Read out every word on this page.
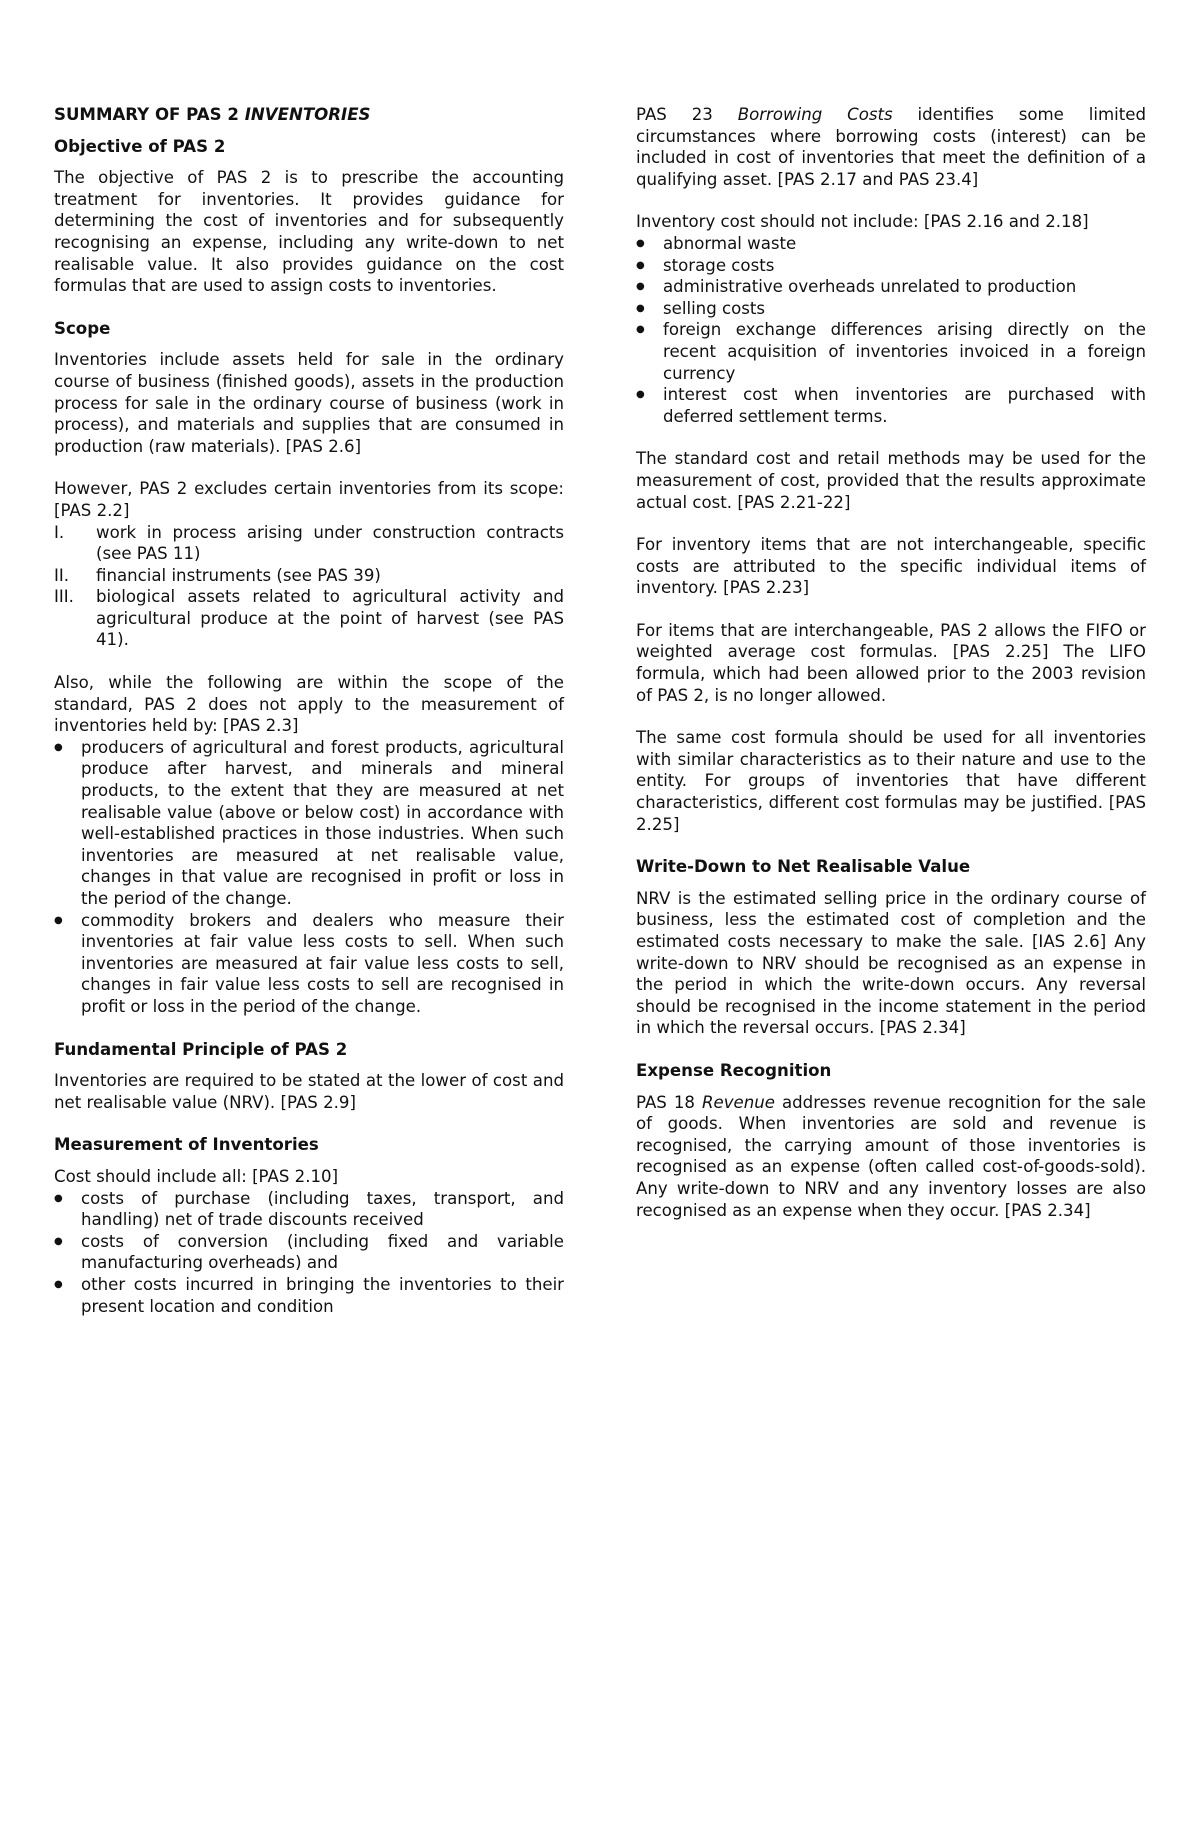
SUMMARY OF PAS 2 INVENTORIES
Objective of PAS 2

The objective of PAS 2 is to prescribe the accounting treatment for inventories. It provides guidance for determining the cost of inventories and for subsequently recognising an expense, including any write-down to net realisable value. It also provides guidance on the cost formulas that are used to assign costs to inventories.

Scope

Inventories include assets held for sale in the ordinary course of business (finished goods), assets in the production process for sale in the ordinary course of business (work in process), and materials and supplies that are consumed in production (raw materials). [PAS 2.6]

However, PAS 2 excludes certain inventories from its scope: [PAS 2.2]

I. work in process arising under construction contracts (see PAS 11)
II. financial instruments (see PAS 39)
III. biological assets related to agricultural activity and agricultural produce at the point of harvest (see PAS 41).

Also, while the following are within the scope of the standard, PAS 2 does not apply to the measurement of inventories held by: [PAS 2.3]

● producers of agricultural and forest products, agricultural produce after harvest, and minerals and mineral products, to the extent that they are measured at net realisable value (above or below cost) in accordance with well-established practices in those industries. When such inventories are measured at net realisable value, changes in that value are recognised in profit or loss in the period of the change.
● commodity brokers and dealers who measure their inventories at fair value less costs to sell. When such inventories are measured at fair value less costs to sell, changes in fair value less costs to sell are recognised in profit or loss in the period of the change.
Fundamental Principle of PAS 2

Inventories are required to be stated at the lower of cost and net realisable value (NRV). [PAS 2.9]

Measurement of Inventories

Cost should include all: [PAS 2.10]

● costs of purchase (including taxes, transport, and handling) net of trade discounts received
● costs of conversion (including fixed and variable manufacturing overheads) and
● other costs incurred in bringing the inventories to their present location and condition

PAS 23 Borrowing Costs identifies some limited circumstances where borrowing costs (interest) can be included in cost of inventories that meet the definition of a qualifying asset. [PAS 2.17 and PAS 23.4]

Inventory cost should not include: [PAS 2.16 and 2.18]

● abnormal waste
● storage costs
● administrative overheads unrelated to production
● selling costs
● foreign exchange differences arising directly on the recent acquisition of inventories invoiced in a foreign currency
● interest cost when inventories are purchased with deferred settlement terms.

The standard cost and retail methods may be used for the measurement of cost, provided that the results approximate actual cost. [PAS 2.21-22]

For inventory items that are not interchangeable, specific costs are attributed to the specific individual items of inventory. [PAS 2.23]

For items that are interchangeable, PAS 2 allows the FIFO or weighted average cost formulas. [PAS 2.25] The LIFO formula, which had been allowed prior to the 2003 revision of PAS 2, is no longer allowed.

The same cost formula should be used for all inventories with similar characteristics as to their nature and use to the entity. For groups of inventories that have different characteristics, different cost formulas may be justified. [PAS 2.25]

Write-Down to Net Realisable Value

NRV is the estimated selling price in the ordinary course of business, less the estimated cost of completion and the estimated costs necessary to make the sale. [IAS 2.6] Any write-down to NRV should be recognised as an expense in the period in which the write-down occurs. Any reversal should be recognised in the income statement in the period in which the reversal occurs. [PAS 2.34]

Expense Recognition

PAS 18 Revenue addresses revenue recognition for the sale of goods. When inventories are sold and revenue is recognised, the carrying amount of those inventories is recognised as an expense (often called cost-of-goods-sold). Any write-down to NRV and any inventory losses are also recognised as an expense when they occur. [PAS 2.34]
